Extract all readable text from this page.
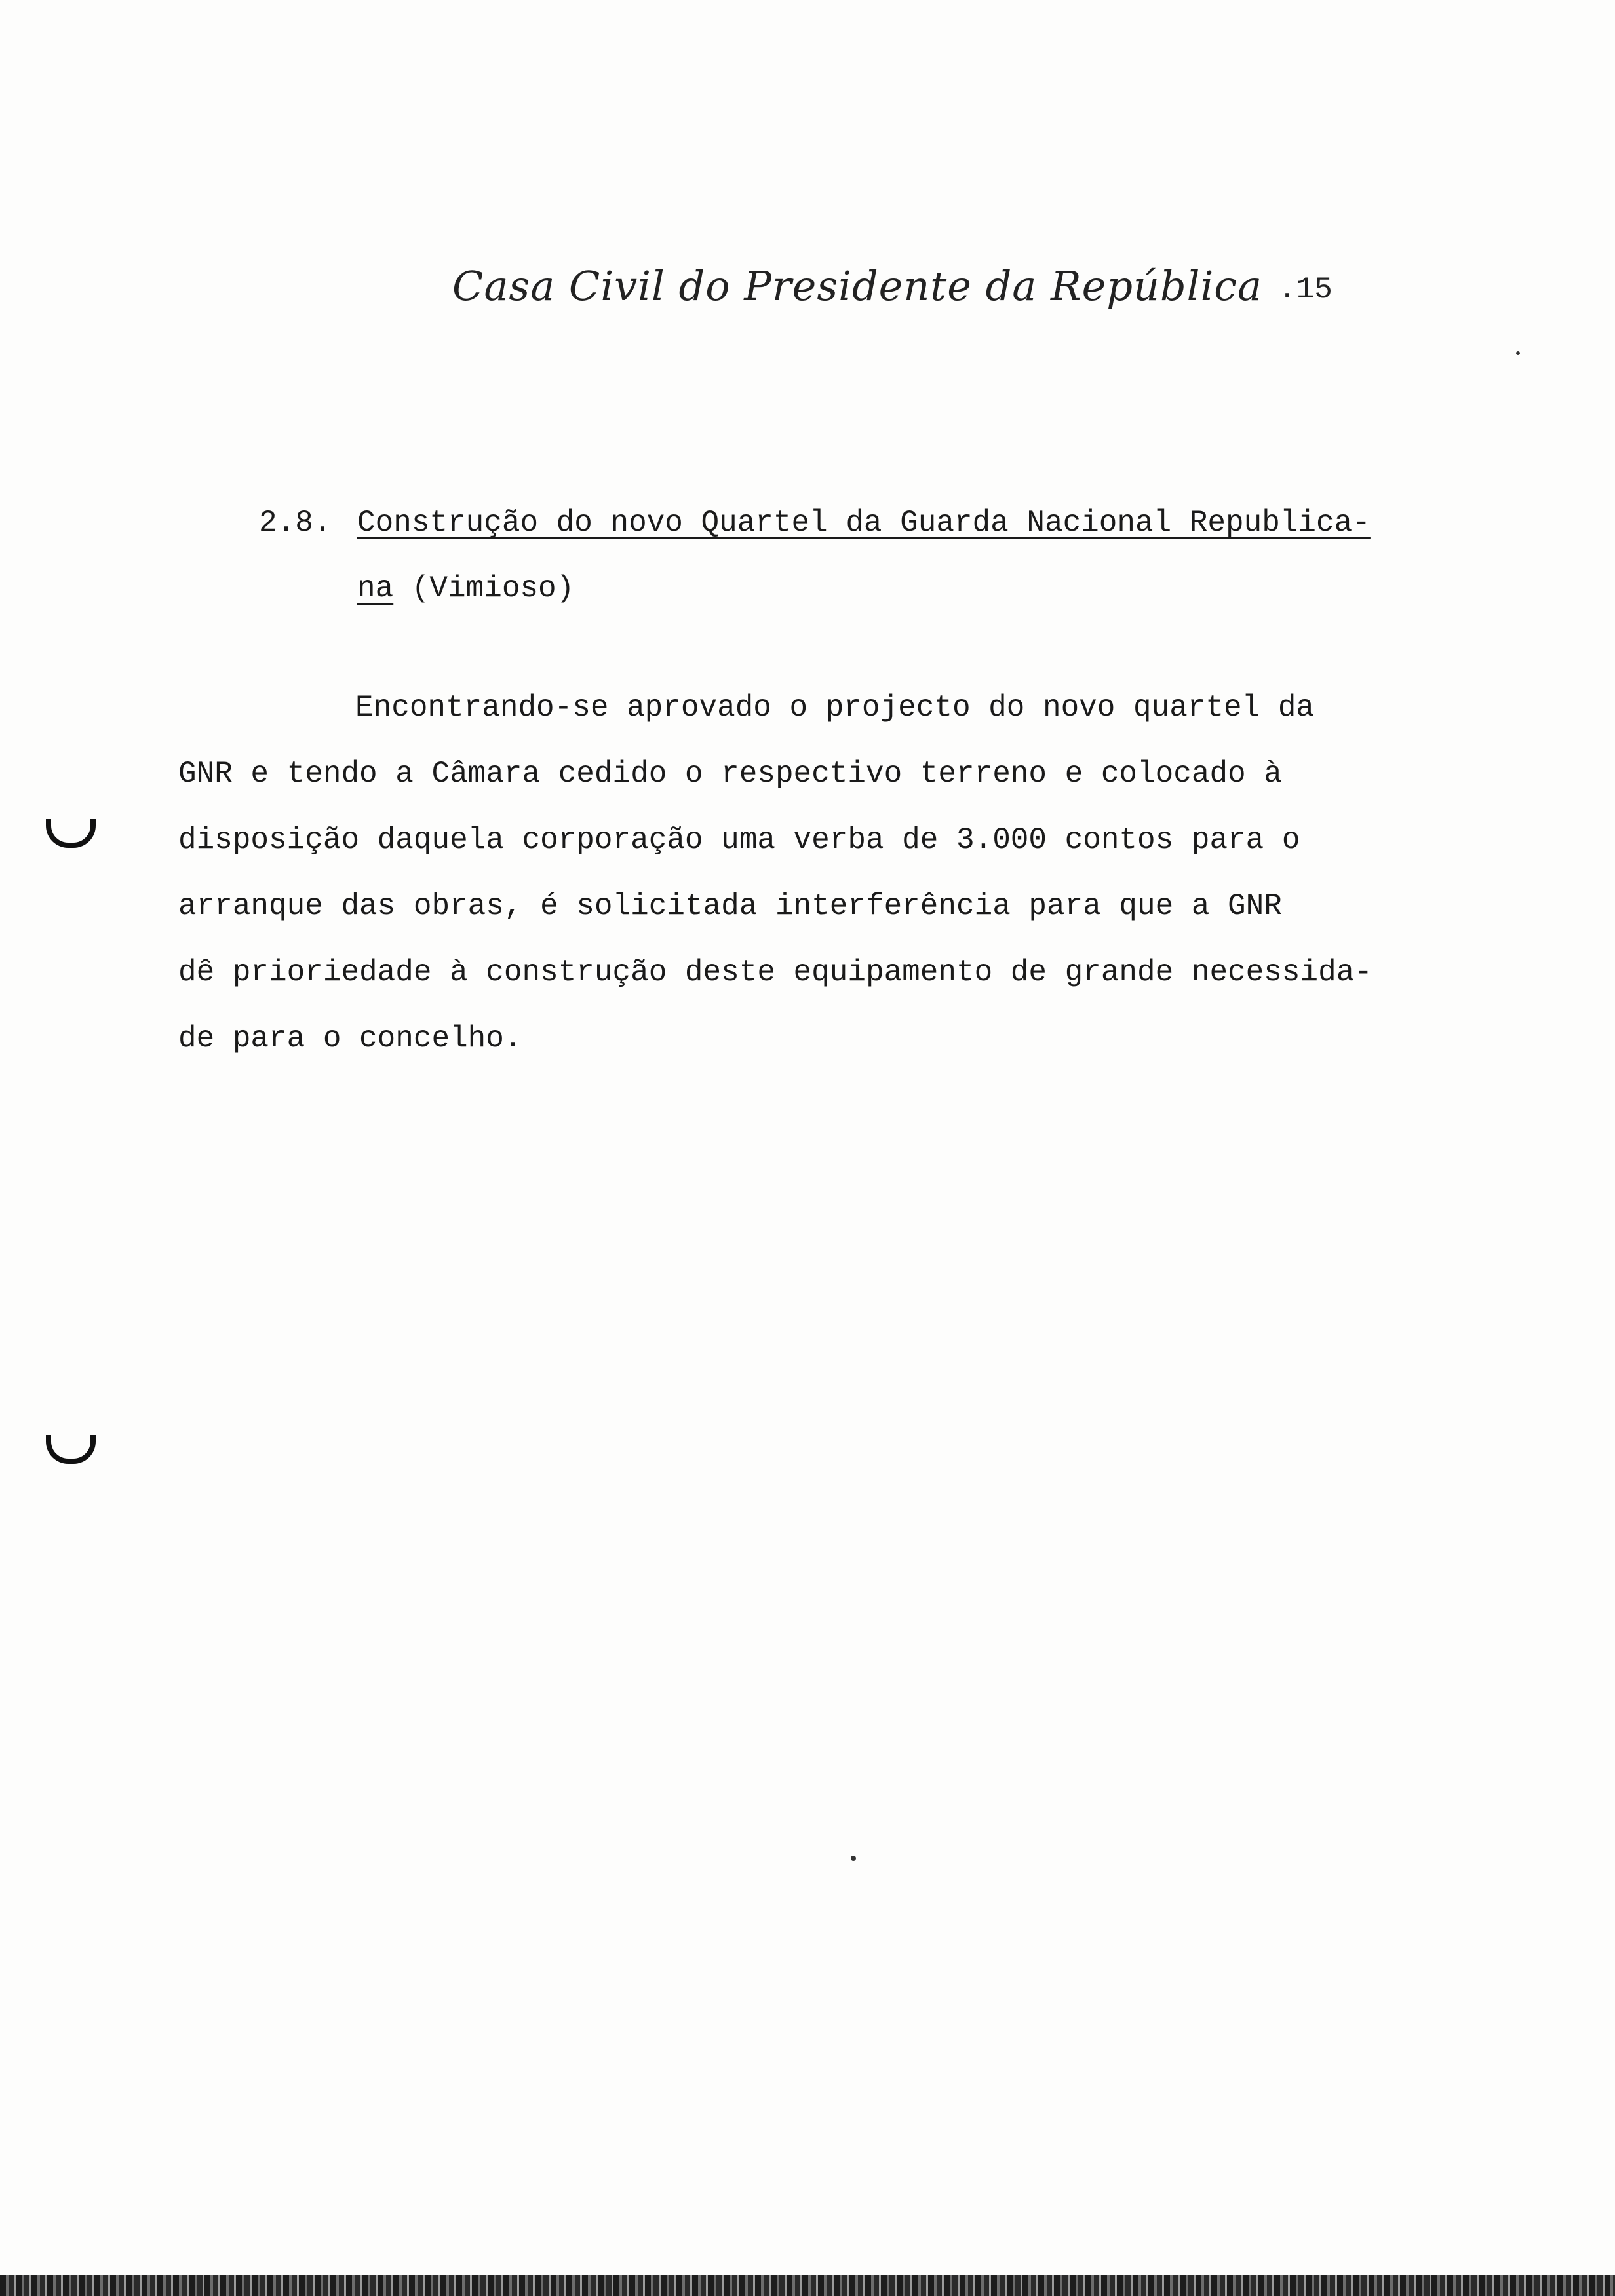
Casa Civil do Presidente da República .15
2.8. Construção do novo Quartel da Guarda Nacional Republica-
na (Vimioso)
Encontrando-se aprovado o projecto do novo quartel da
GNR e tendo a Câmara cedido o respectivo terreno e colocado à
disposição daquela corporação uma verba de 3.000 contos para o
arranque das obras, é solicitada interferência para que a GNR
dê prioriedade à construção deste equipamento de grande necessida-
de para o concelho.
